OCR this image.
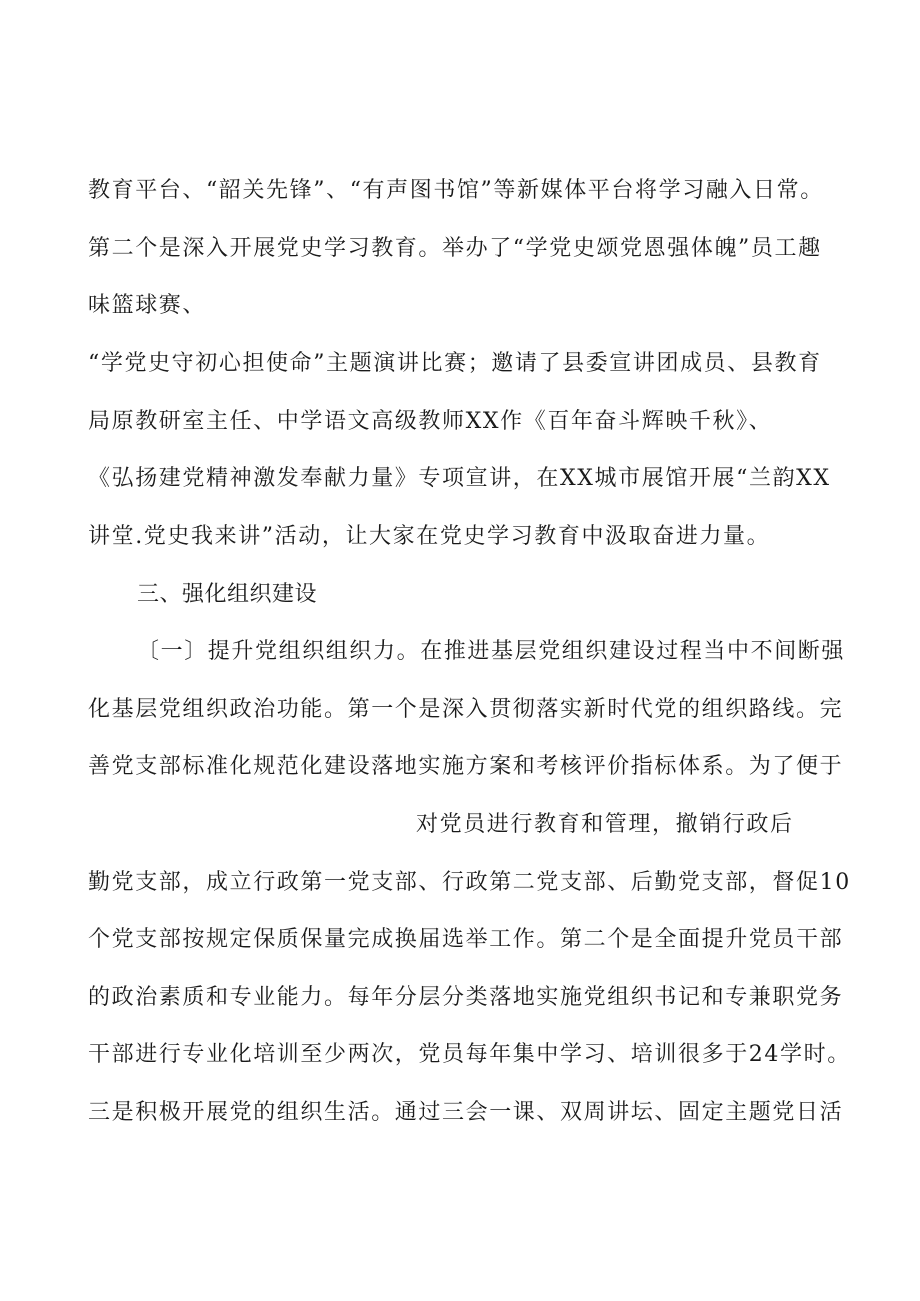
教育平台、“韶关先锋”、“有声图书馆”等新媒体平台将学习融入日常。
第二个是深入开展党史学习教育。举办了“学党史颂党恩强体魄”员工趣
味篮球赛、
“学党史守初心担使命”主题演讲比赛；邀请了县委宣讲团成员、县教育
局原教研室主任、中学语文高级教师XX作《百年奋斗辉映千秋》、
《弘扬建党精神激发奉献力量》专项宣讲，在XX城市展馆开展“兰韵XX
讲堂.党史我来讲”活动，让大家在党史学习教育中汲取奋进力量。
三、强化组织建设
〔一〕提升党组织组织力。在推进基层党组织建设过程当中不间断强
化基层党组织政治功能。第一个是深入贯彻落实新时代党的组织路线。完
善党支部标准化规范化建设落地实施方案和考核评价指标体系。为了便于
对党员进行教育和管理，撤销行政后
勤党支部，成立行政第一党支部、行政第二党支部、后勤党支部，督促10
个党支部按规定保质保量完成换届选举工作。第二个是全面提升党员干部
的政治素质和专业能力。每年分层分类落地实施党组织书记和专兼职党务
干部进行专业化培训至少两次，党员每年集中学习、培训很多于24学时。
三是积极开展党的组织生活。通过三会一课、双周讲坛、固定主题党日活
